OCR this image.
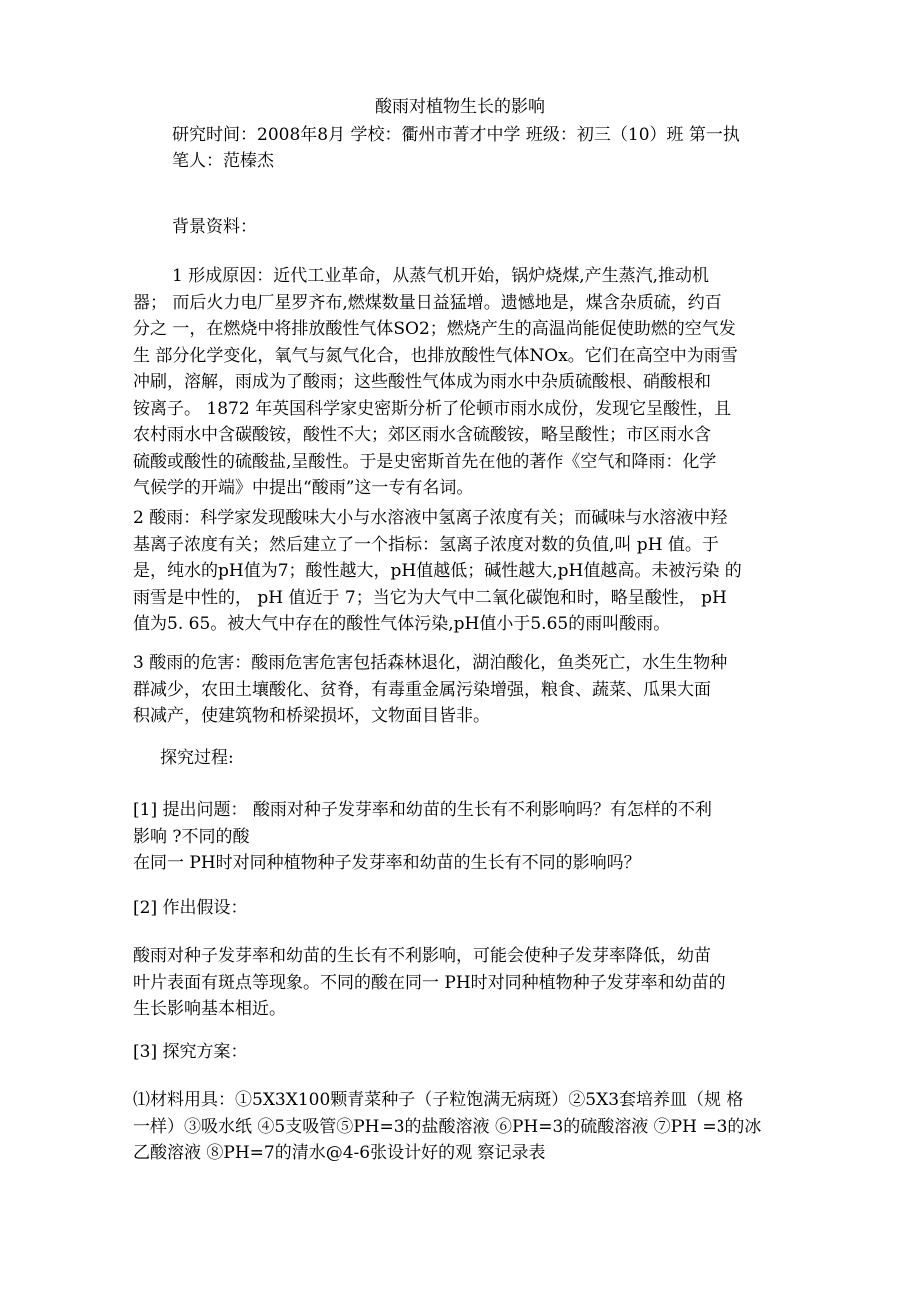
酸雨对植物生长的影响
研究时间：2008年8月 学校：衢州市菁才中学 班级：初三（10）班 第一执
笔人：范榛杰
背景资料：
1 形成原因：近代工业革命，从蒸气机开始，锅炉烧煤,产生蒸汽,推动机
器； 而后火力电厂星罗齐布,燃煤数量日益猛增。遗憾地是，煤含杂质硫，约百
分之 一，在燃烧中将排放酸性气体SO2；燃烧产生的高温尚能促使助燃的空气发
生 部分化学变化，氧气与氮气化合，也排放酸性气体NOx。它们在高空中为雨雪
冲刷，溶解，雨成为了酸雨；这些酸性气体成为雨水中杂质硫酸根、硝酸根和
铵离子。 1872 年英国科学家史密斯分析了伦顿市雨水成份，发现它呈酸性，且
农村雨水中含碳酸铵，酸性不大；郊区雨水含硫酸铵，略呈酸性；市区雨水含
硫酸或酸性的硫酸盐,呈酸性。于是史密斯首先在他的著作《空气和降雨：化学
气候学的开端》中提出“酸雨”这一专有名词。
2 酸雨：科学家发现酸味大小与水溶液中氢离子浓度有关；而碱味与水溶液中羟
基离子浓度有关；然后建立了一个指标：氢离子浓度对数的负值,叫 pH 值。于
是，纯水的pH值为7；酸性越大，pH值越低；碱性越大,pH值越高。未被污染 的
雨雪是中性的， pH 值近于 7；当它为大气中二氧化碳饱和时，略呈酸性， pH
值为5. 65。被大气中存在的酸性气体污染,pH值小于5.65的雨叫酸雨。
3 酸雨的危害：酸雨危害危害包括森林退化，湖泊酸化，鱼类死亡，水生生物种
群减少，农田土壤酸化、贫脊，有毒重金属污染增强，粮食、蔬菜、瓜果大面
积减产，使建筑物和桥梁损坏，文物面目皆非。
探究过程:
[1] 提出问题： 酸雨对种子发芽率和幼苗的生长有不利影响吗？有怎样的不利
影响 ?不同的酸
在同一 PH时对同种植物种子发芽率和幼苗的生长有不同的影响吗？
[2] 作出假设：
酸雨对种子发芽率和幼苗的生长有不利影响，可能会使种子发芽率降低，幼苗
叶片表面有斑点等现象。不同的酸在同一 PH时对同种植物种子发芽率和幼苗的
生长影响基本相近。
[3] 探究方案：
⑴材料用具：①5X3X100颗青菜种子（子粒饱满无病斑）②5X3套培养皿（规 格
一样）③吸水纸 ④5支吸管⑤PH=3的盐酸溶液 ⑥PH=3的硫酸溶液 ⑦PH =3的冰
乙酸溶液 ⑧PH=7的清水@4-6张设计好的观 察记录表
